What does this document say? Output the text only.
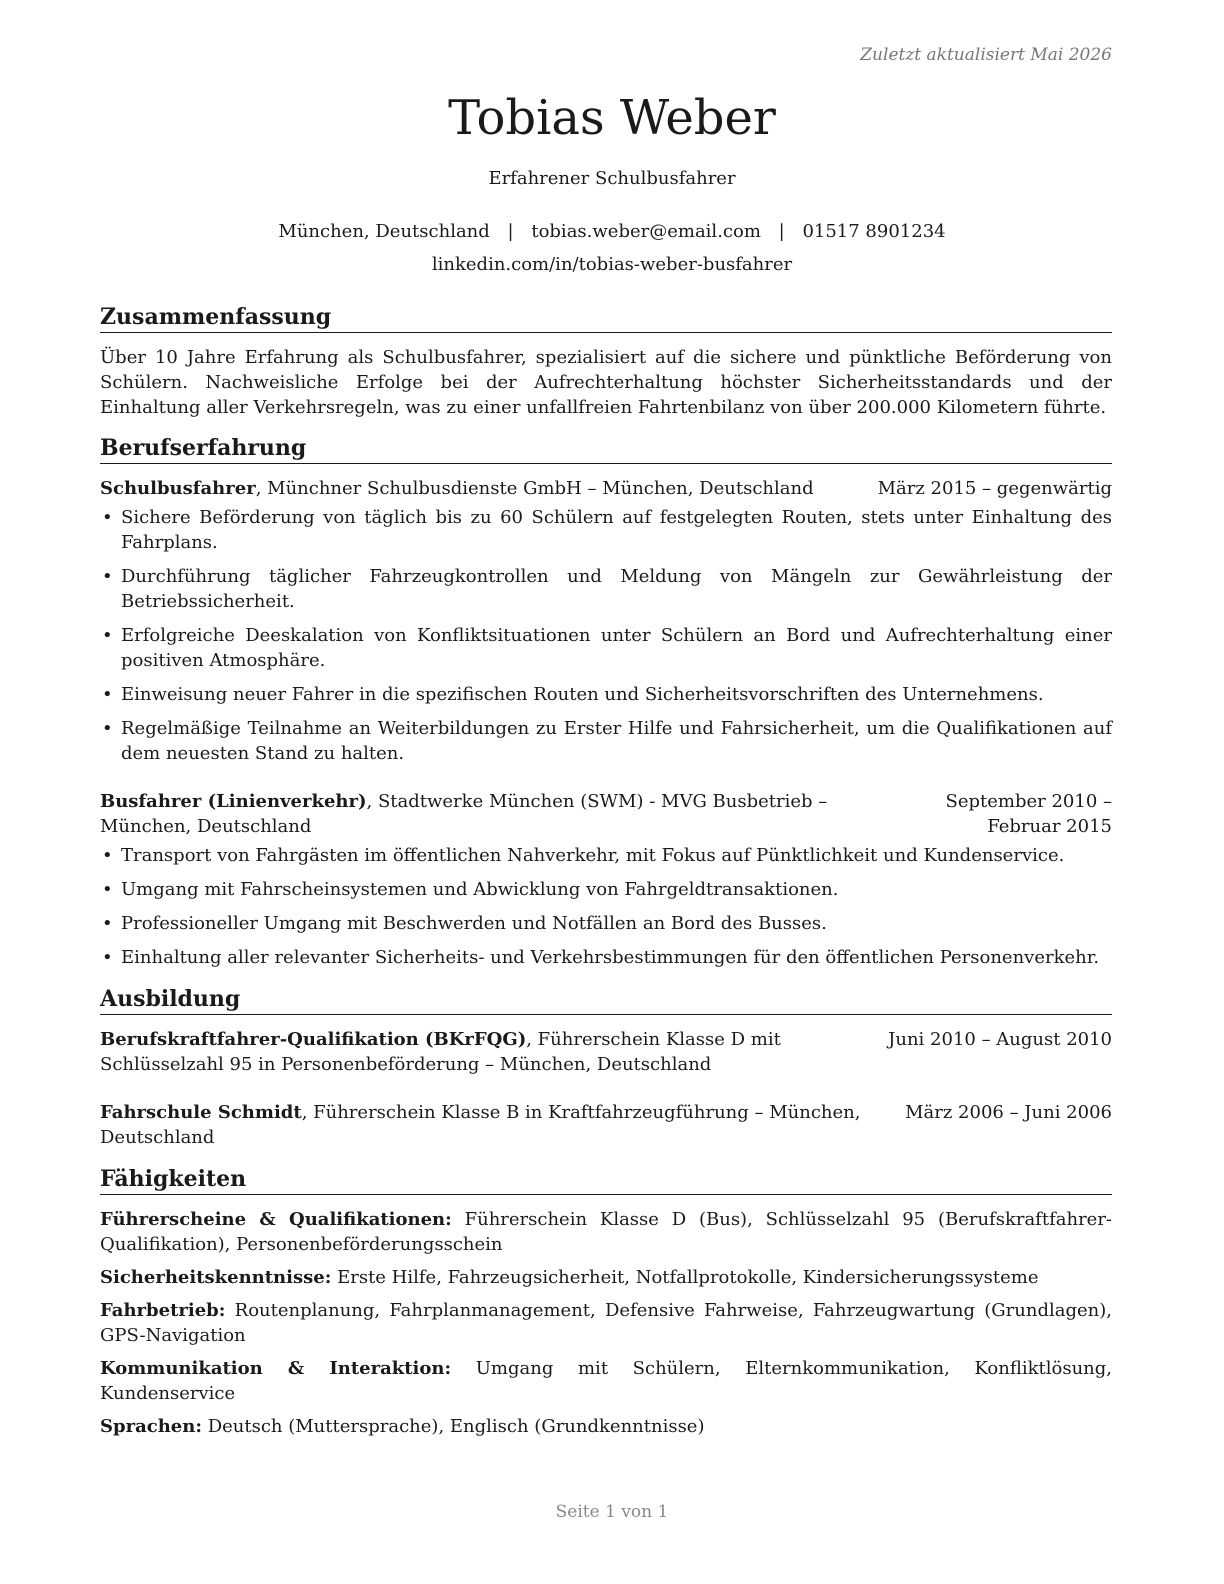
Zuletzt aktualisiert Mai 2026
Tobias Weber
Erfahrener Schulbusfahrer
München, Deutschland | tobias.weber@email.com | 01517 8901234
linkedin.com/in/tobias-weber-busfahrer
Zusammenfassung

Über 10 Jahre Erfahrung als Schulbusfahrer, spezialisiert auf die sichere und pünktliche Beförderung von Schülern. Nachweisliche Erfolge bei der Aufrechterhaltung höchster Sicherheitsstandards und der Einhaltung aller Verkehrsregeln, was zu einer unfallfreien Fahrtenbilanz von über 200.000 Kilometern führte.

Berufserfahrung
Schulbusfahrer, Münchner Schulbusdienste GmbH – München, Deutschland	März 2015 – gegenwärtig
• Sichere Beförderung von täglich bis zu 60 Schülern auf festgelegten Routen, stets unter Einhaltung des Fahrplans.
• Durchführung täglicher Fahrzeugkontrollen und Meldung von Mängeln zur Gewährleistung der Betriebssicherheit.
• Erfolgreiche Deeskalation von Konfliktsituationen unter Schülern an Bord und Aufrechterhaltung einer positiven Atmosphäre.
• Einweisung neuer Fahrer in die spezifischen Routen und Sicherheitsvorschriften des Unternehmens.
• Regelmäßige Teilnahme an Weiterbildungen zu Erster Hilfe und Fahrsicherheit, um die Qualifikationen auf dem neuesten Stand zu halten.
Busfahrer (Linienverkehr), Stadtwerke München (SWM) - MVG Busbetrieb – München, Deutschland
September 2010 – Februar 2015
• Transport von Fahrgästen im öffentlichen Nahverkehr, mit Fokus auf Pünktlichkeit und Kundenservice.
• Umgang mit Fahrscheinsystemen und Abwicklung von Fahrgeldtransaktionen.
• Professioneller Umgang mit Beschwerden und Notfällen an Bord des Busses.
• Einhaltung aller relevanter Sicherheits- und Verkehrsbestimmungen für den öffentlichen Personenverkehr.
Ausbildung
Berufskraftfahrer-Qualifikation (BKrFQG), Führerschein Klasse D mit Schlüsselzahl 95 in Personenbeförderung – München, Deutschland
Juni 2010 – August 2010
Fahrschule Schmidt, Führerschein Klasse B in Kraftfahrzeugführung – München, Deutschland
März 2006 – Juni 2006
Fähigkeiten
Führerscheine & Qualifikationen: Führerschein Klasse D (Bus), Schlüsselzahl 95 (Berufskraftfahrer-Qualifikation), Personenbeförderungsschein
Sicherheitskenntnisse: Erste Hilfe, Fahrzeugsicherheit, Notfallprotokolle, Kindersicherungssysteme
Fahrbetrieb: Routenplanung, Fahrplanmanagement, Defensive Fahrweise, Fahrzeugwartung (Grundlagen), GPS-Navigation
Kommunikation & Interaktion: Umgang mit Schülern, Elternkommunikation, Konfliktlösung, Kundenservice
Sprachen: Deutsch (Muttersprache), Englisch (Grundkenntnisse)
Seite 1 von 1
